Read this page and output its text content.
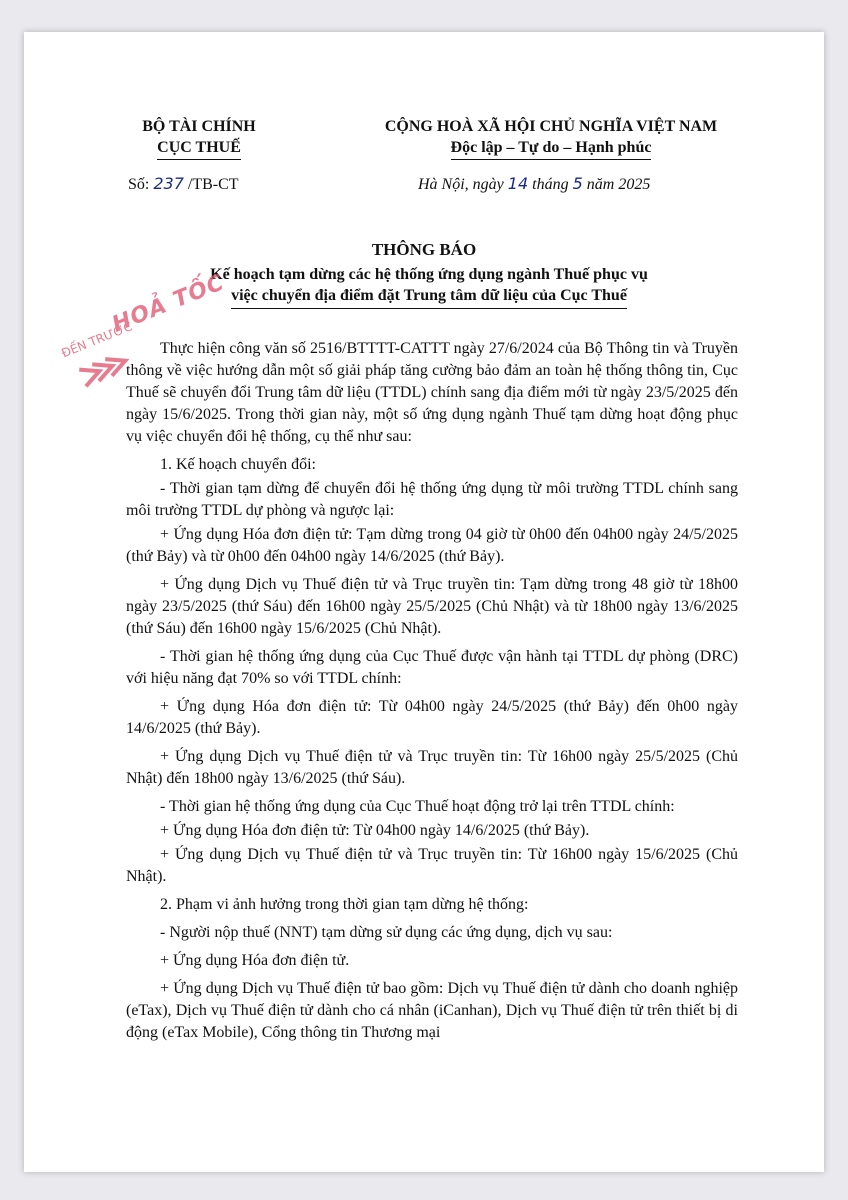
BỘ TÀI CHÍNH
CỤC THUẾ
CỘNG HOÀ XÃ HỘI CHỦ NGHĨA VIỆT NAM
Độc lập – Tự do – Hạnh phúc
Số: 237 /TB-CT	Hà Nội, ngày 14 tháng 5 năm 2025
THÔNG BÁO
Kế hoạch tạm dừng các hệ thống ứng dụng ngành Thuế phục vụ
việc chuyển địa điểm đặt Trung tâm dữ liệu của Cục Thuế
ĐẾN TRƯỚC
HOẢ TỐC

Thực hiện công văn số 2516/BTTTT-CATTT ngày 27/6/2024 của Bộ Thông tin và Truyền thông về việc hướng dẫn một số giải pháp tăng cường bảo đảm an toàn hệ thống thông tin, Cục Thuế sẽ chuyển đổi Trung tâm dữ liệu (TTDL) chính sang địa điểm mới từ ngày 23/5/2025 đến ngày 15/6/2025. Trong thời gian này, một số ứng dụng ngành Thuế tạm dừng hoạt động phục vụ việc chuyển đổi hệ thống, cụ thể như sau:

1. Kế hoạch chuyển đổi:

- Thời gian tạm dừng để chuyển đổi hệ thống ứng dụng từ môi trường TTDL chính sang môi trường TTDL dự phòng và ngược lại:

+ Ứng dụng Hóa đơn điện tử: Tạm dừng trong 04 giờ từ 0h00 đến 04h00 ngày 24/5/2025 (thứ Bảy) và từ 0h00 đến 04h00 ngày 14/6/2025 (thứ Bảy).

+ Ứng dụng Dịch vụ Thuế điện tử và Trục truyền tin: Tạm dừng trong 48 giờ từ 18h00 ngày 23/5/2025 (thứ Sáu) đến 16h00 ngày 25/5/2025 (Chủ Nhật) và từ 18h00 ngày 13/6/2025 (thứ Sáu) đến 16h00 ngày 15/6/2025 (Chủ Nhật).

- Thời gian hệ thống ứng dụng của Cục Thuế được vận hành tại TTDL dự phòng (DRC) với hiệu năng đạt 70% so với TTDL chính:

+ Ứng dụng Hóa đơn điện tử: Từ 04h00 ngày 24/5/2025 (thứ Bảy) đến 0h00 ngày 14/6/2025 (thứ Bảy).

+ Ứng dụng Dịch vụ Thuế điện tử và Trục truyền tin: Từ 16h00 ngày 25/5/2025 (Chủ Nhật) đến 18h00 ngày 13/6/2025 (thứ Sáu).

- Thời gian hệ thống ứng dụng của Cục Thuế hoạt động trở lại trên TTDL chính:

+ Ứng dụng Hóa đơn điện tử: Từ 04h00 ngày 14/6/2025 (thứ Bảy).

+ Ứng dụng Dịch vụ Thuế điện tử và Trục truyền tin: Từ 16h00 ngày 15/6/2025 (Chủ Nhật).

2. Phạm vi ảnh hưởng trong thời gian tạm dừng hệ thống:

- Người nộp thuế (NNT) tạm dừng sử dụng các ứng dụng, dịch vụ sau:

+ Ứng dụng Hóa đơn điện tử.

+ Ứng dụng Dịch vụ Thuế điện tử bao gồm: Dịch vụ Thuế điện tử dành cho doanh nghiệp (eTax), Dịch vụ Thuế điện tử dành cho cá nhân (iCanhan), Dịch vụ Thuế điện tử trên thiết bị di động (eTax Mobile), Cổng thông tin Thương mại
